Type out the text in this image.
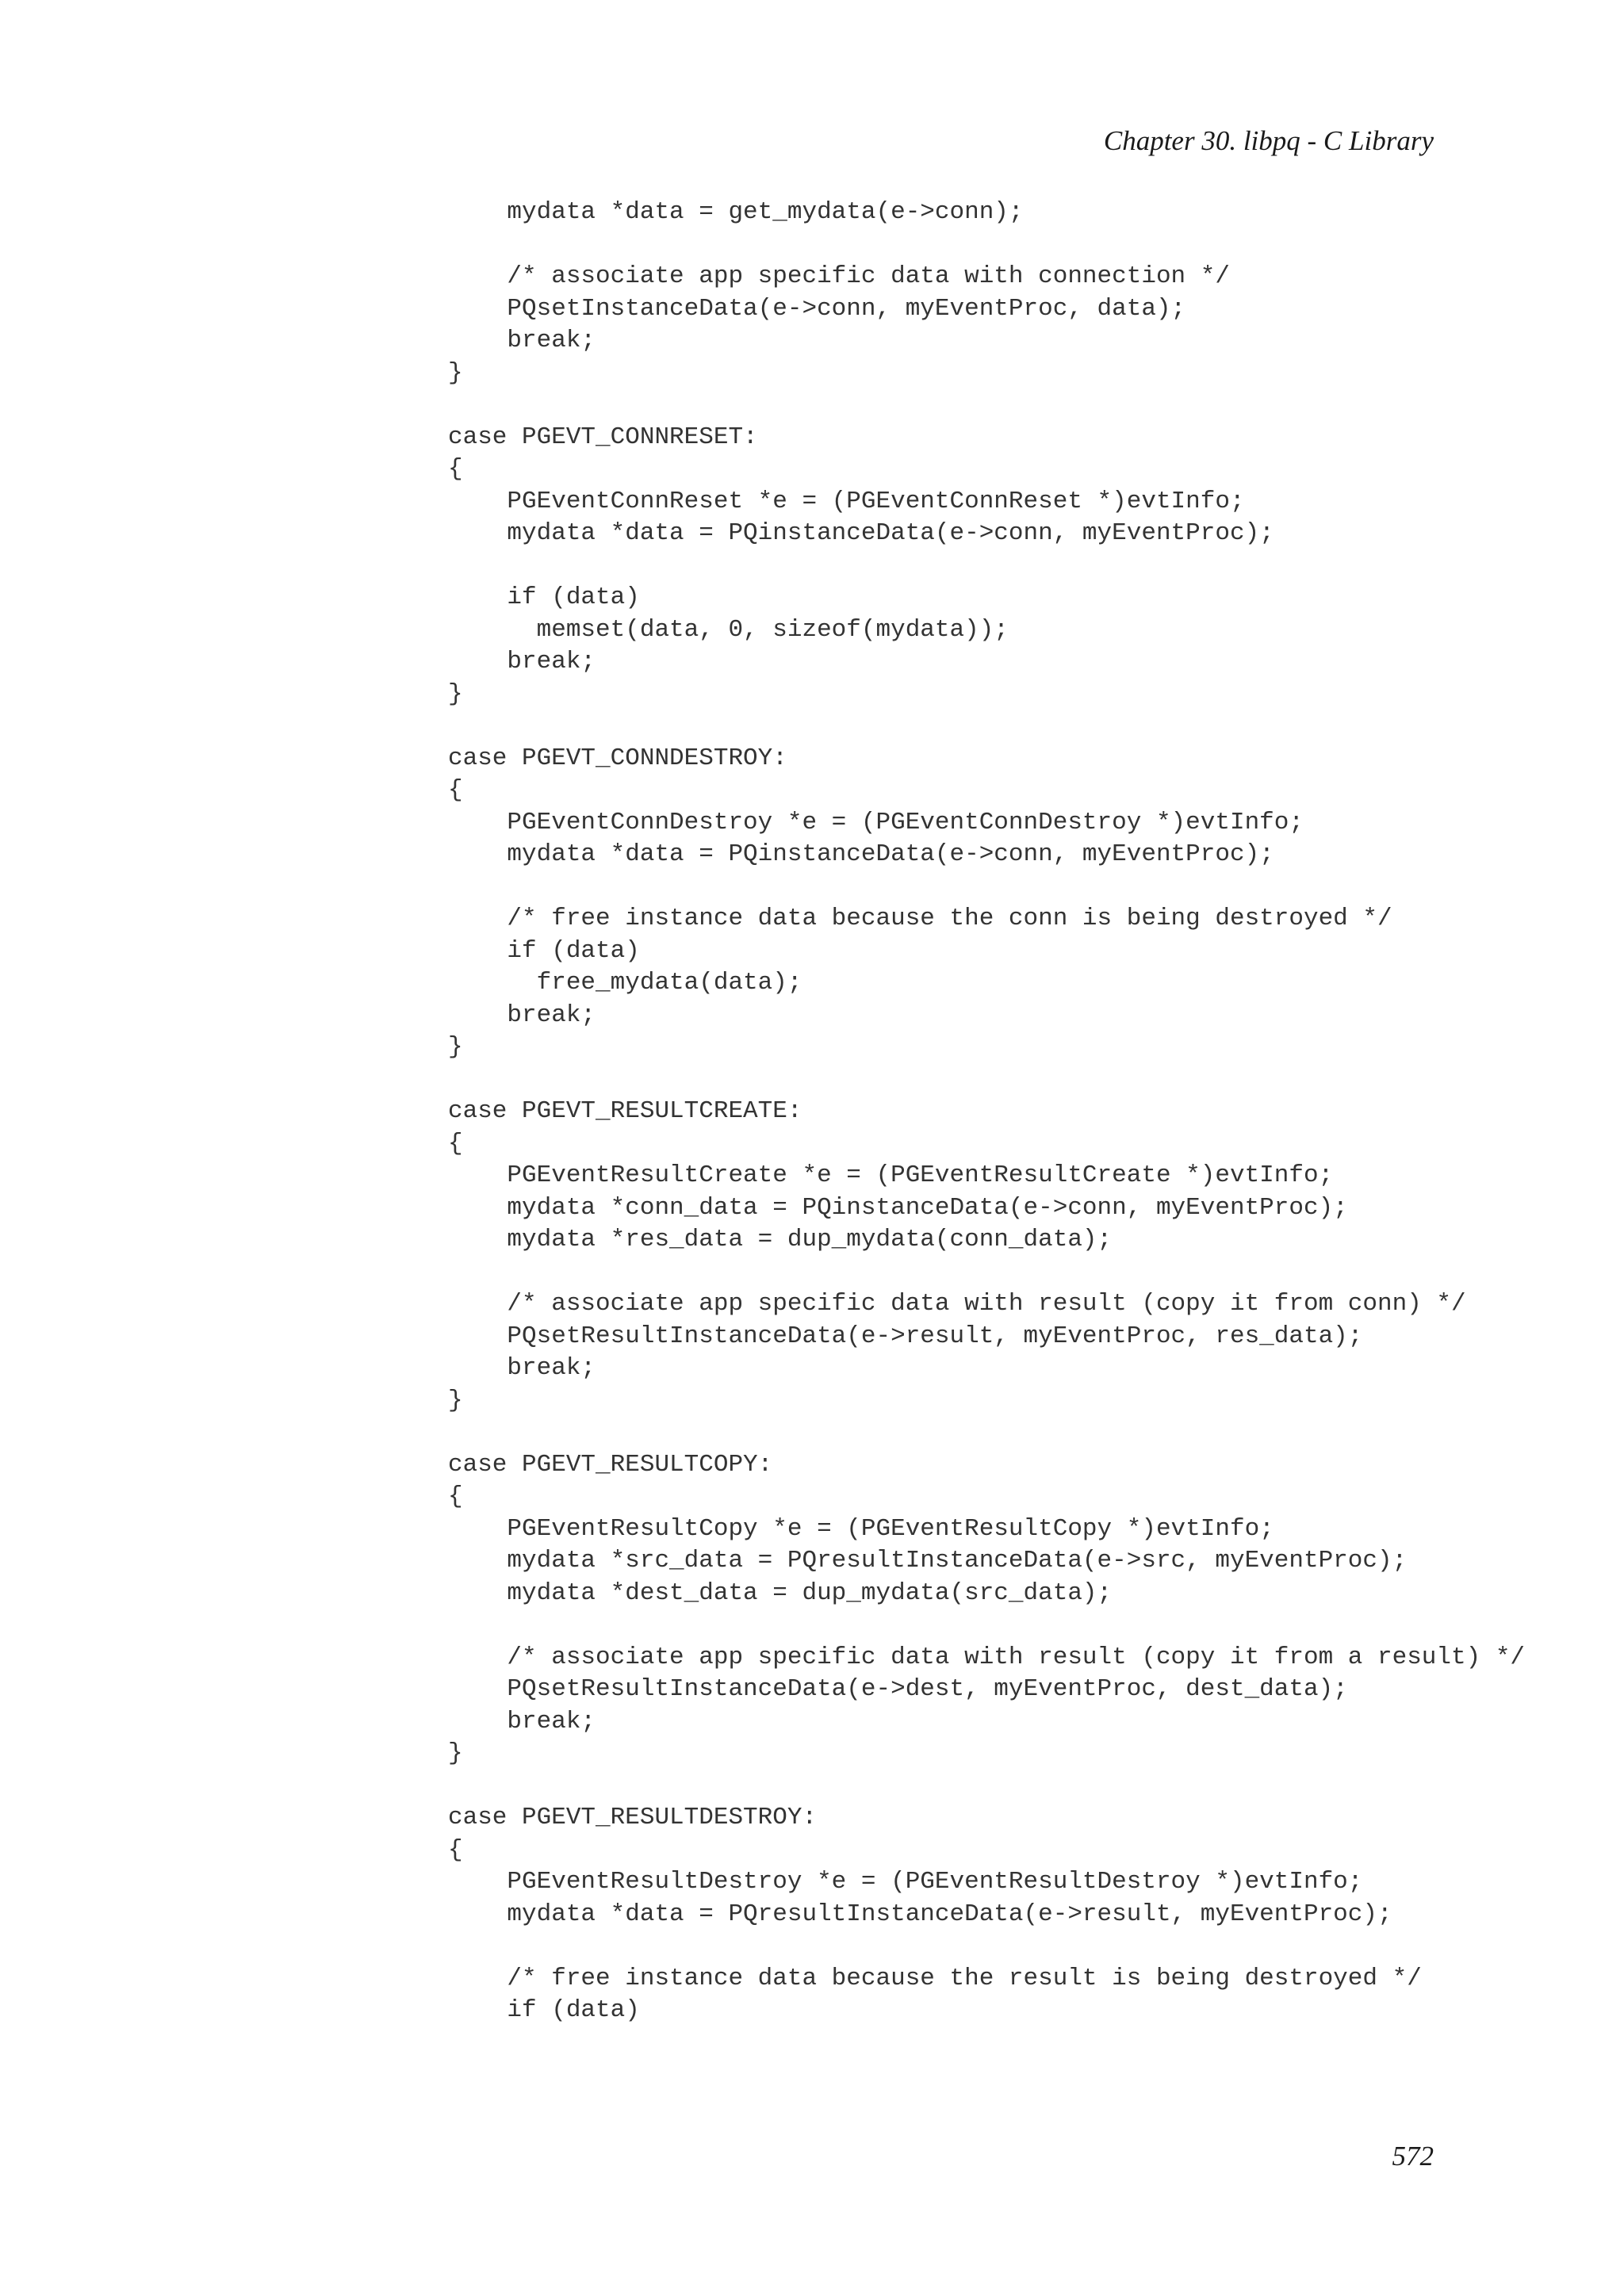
Chapter 30. libpq - C Library
mydata *data = get_mydata(e->conn);
/* associate app specific data with connection */
PQsetInstanceData(e->conn, myEventProc, data);
break;
}
case PGEVT_CONNRESET:
{
PGEventConnReset *e = (PGEventConnReset *)evtInfo;
mydata *data = PQinstanceData(e->conn, myEventProc);
if (data)
memset(data, 0, sizeof(mydata));
break;
}
case PGEVT_CONNDESTROY:
{
PGEventConnDestroy *e = (PGEventConnDestroy *)evtInfo;
mydata *data = PQinstanceData(e->conn, myEventProc);
/* free instance data because the conn is being destroyed */
if (data)
free_mydata(data);
break;
}
case PGEVT_RESULTCREATE:
{
PGEventResultCreate *e = (PGEventResultCreate *)evtInfo;
mydata *conn_data = PQinstanceData(e->conn, myEventProc);
mydata *res_data = dup_mydata(conn_data);
/* associate app specific data with result (copy it from conn) */
PQsetResultInstanceData(e->result, myEventProc, res_data);
break;
}
case PGEVT_RESULTCOPY:
{
PGEventResultCopy *e = (PGEventResultCopy *)evtInfo;
mydata *src_data = PQresultInstanceData(e->src, myEventProc);
mydata *dest_data = dup_mydata(src_data);
/* associate app specific data with result (copy it from a result) */
PQsetResultInstanceData(e->dest, myEventProc, dest_data);
break;
}
case PGEVT_RESULTDESTROY:
{
PGEventResultDestroy *e = (PGEventResultDestroy *)evtInfo;
mydata *data = PQresultInstanceData(e->result, myEventProc);
/* free instance data because the result is being destroyed */
if (data)
572
